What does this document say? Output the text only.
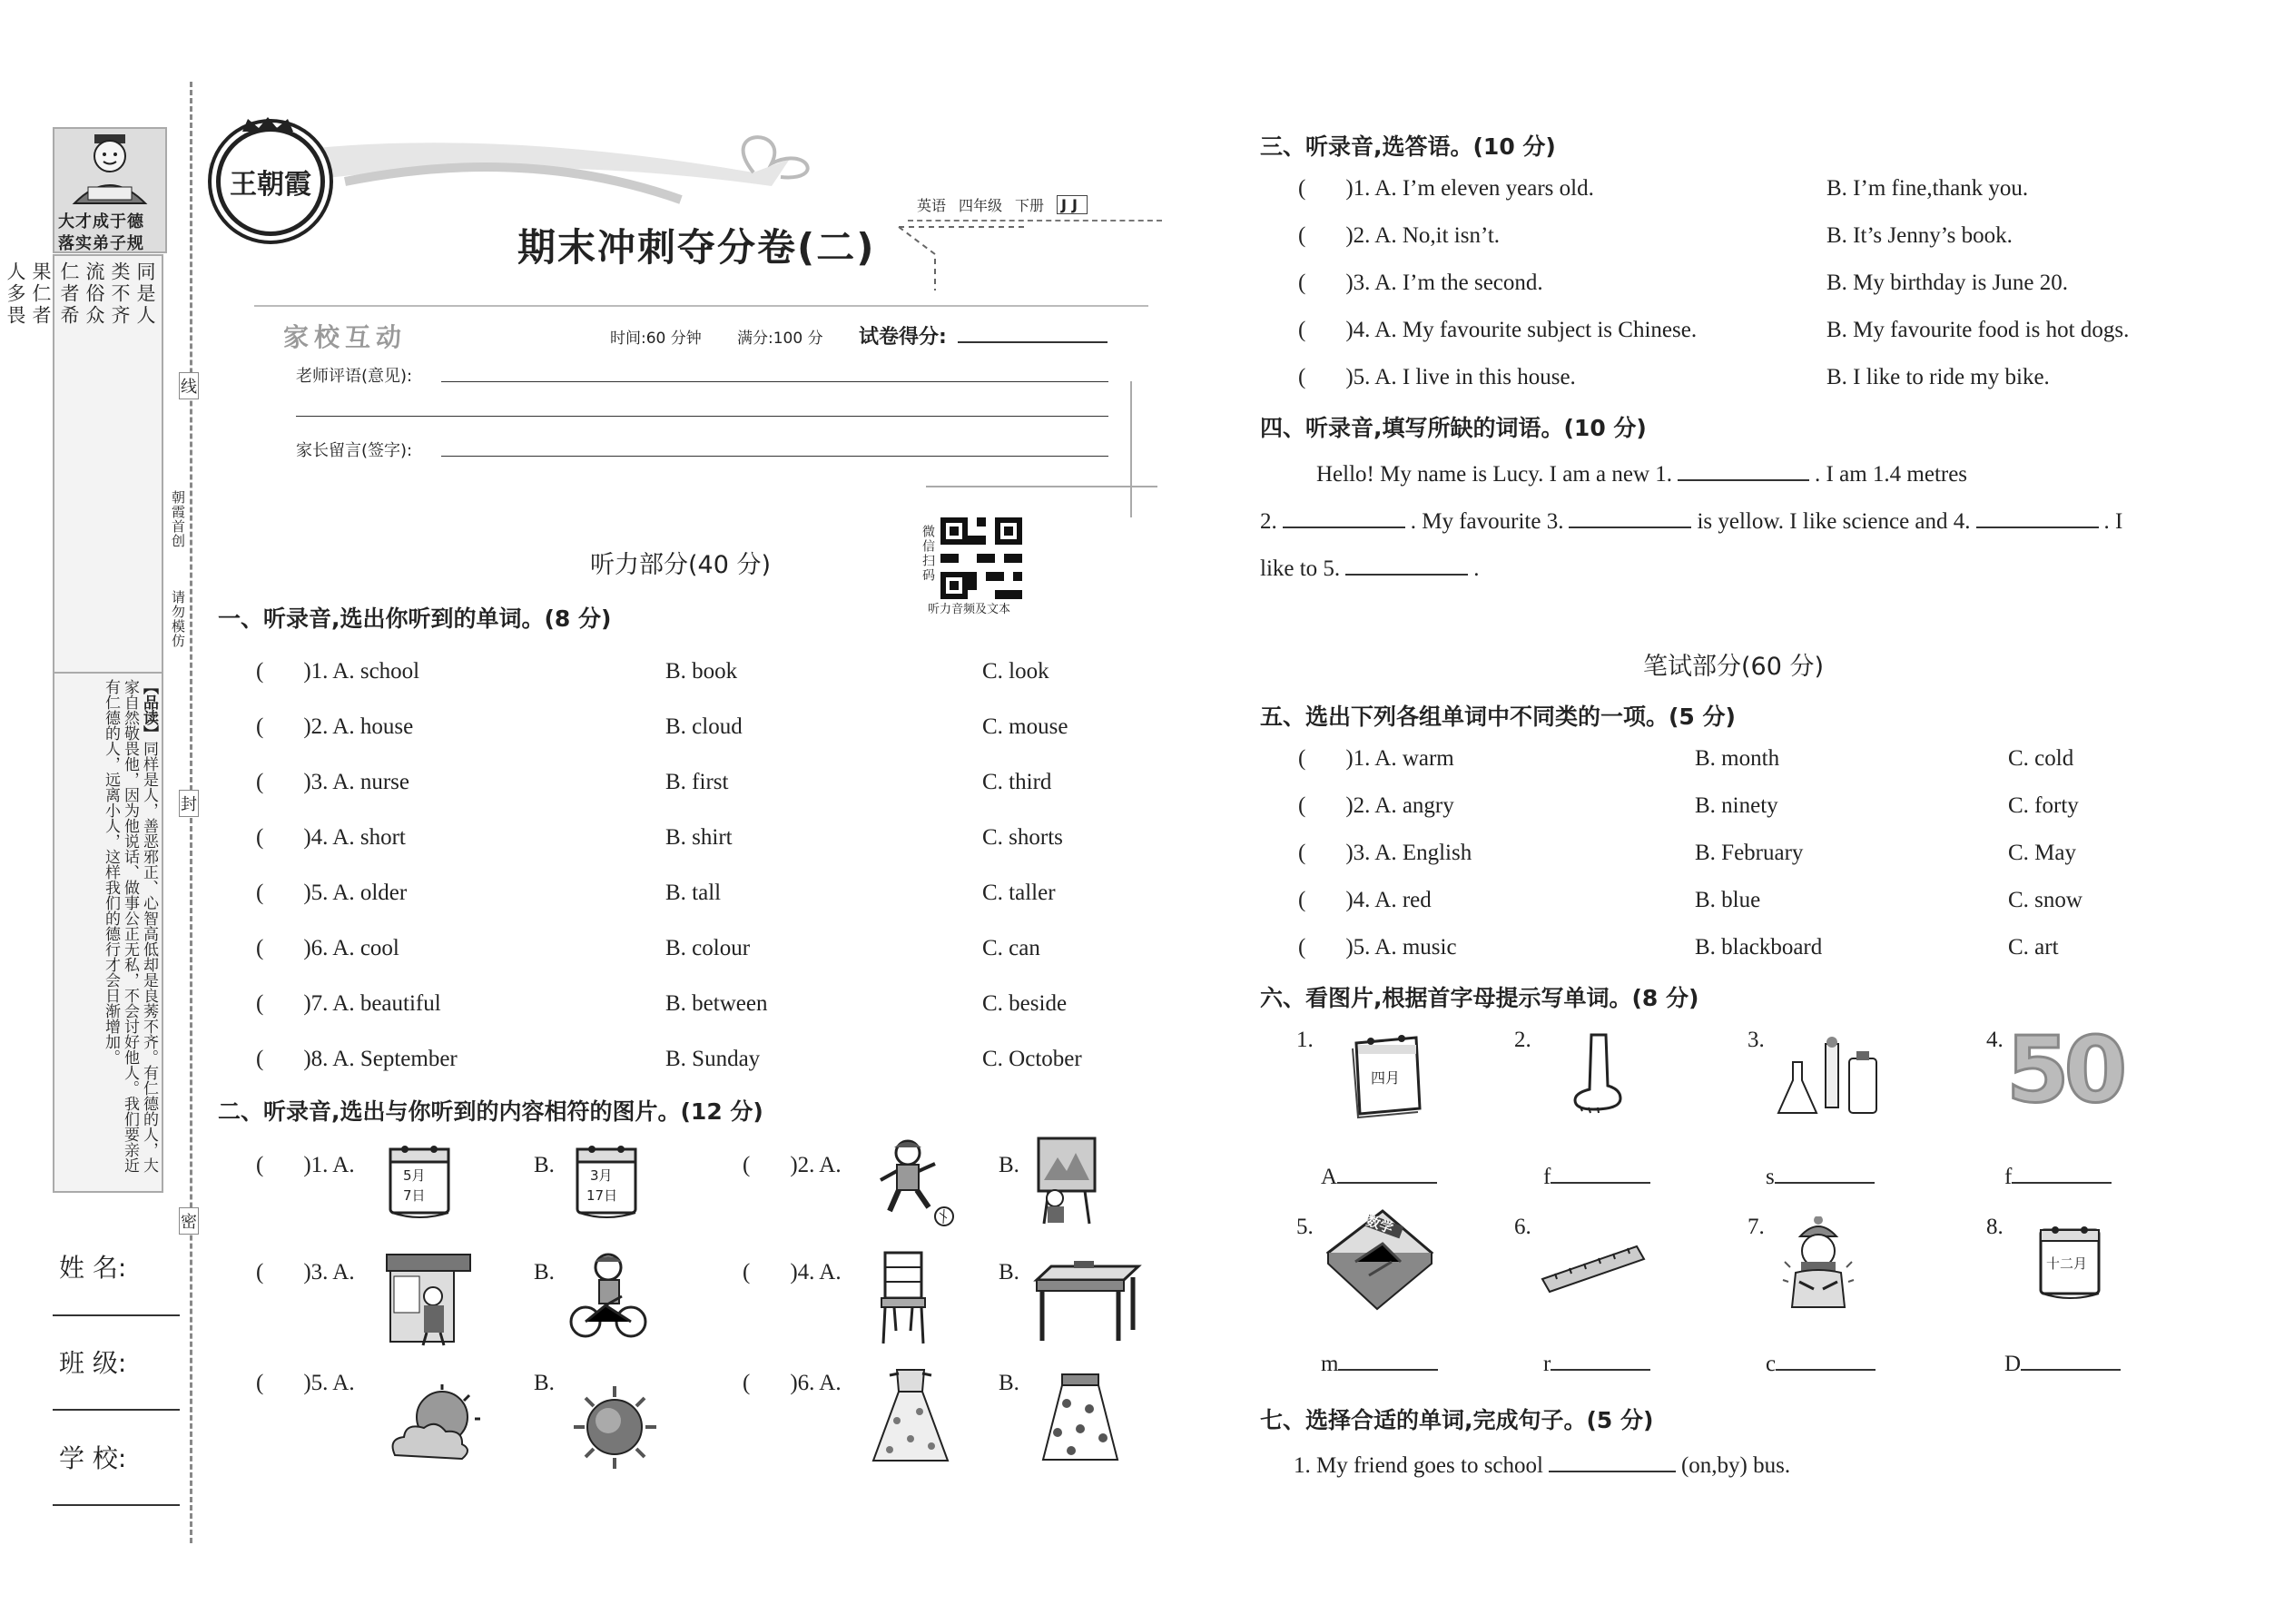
大才成于德
落实弟子规
同是人
类不齐
流俗众
仁者希
果仁者
人多畏

【品读】同样是人，善恶邪正、心智高低却是良莠不齐。有仁德的人，大家自然敬畏他，因为他说话、做事公正无私，不会讨好他人。我们要亲近有仁德的人，远离小人，这样我们的德行才会日渐增加。
姓 名:
班 级:
学 校:
线
封
密
朝霞首创
请勿模仿
王朝霞
期末冲刺夺分卷(二)
英语 四年级 下册	JJ
家校互动	时间:60 分钟 满分:100 分 试卷得分:
老师评语(意见):
家长留言(签字):
微信扫码
听力音频及文本
听力部分(40 分)
一、听录音,选出你听到的单词。(8 分)
( )1. A. school	B. book	C. look
( )2. A. house	B. cloud	C. mouse
( )3. A. nurse	B. first	C. third
( )4. A. short	B. shirt	C. shorts
( )5. A. older	B. tall	C. taller
( )6. A. cool	B. colour	C. can
( )7. A. beautiful	B. between	C. beside
( )8. A. September	B. Sunday	C. October
二、听录音,选出与你听到的内容相符的图片。(12 分)
( )1. A.	5月
7日
B.	3月
17日
( )2. A.	B.
( )3. A.	B.	( )4. A.	B.
( )5. A.	B.	( )6. A.	B.
三、听录音,选答语。(10 分)
( )1. A. I’m eleven years old.	B. I’m fine,thank you.
( )2. A. No,it isn’t.	B. It’s Jenny’s book.
( )3. A. I’m the second.	B. My birthday is June 20.
( )4. A. My favourite subject is Chinese.	B. My favourite food is hot dogs.
( )5. A. I live in this house.	B. I like to ride my bike.
四、听录音,填写所缺的词语。(10 分)
Hello! My name is Lucy. I am a new 1.	. I am 1.4 metres
2.	. My favourite 3.	is yellow. I like science and 4.	. I
like to 5.	.
笔试部分(60 分)
五、选出下列各组单词中不同类的一项。(5 分)
( )1. A. warm	B. month	C. cold
( )2. A. angry	B. ninety	C. forty
( )3. A. English	B. February	C. May
( )4. A. red	B. blue	C. snow
( )5. A. music	B. blackboard	C. art
六、看图片,根据首字母提示写单词。(8 分)
1.
四月
A
2.
f
3.
s
4. 50
f
5.	数学
m
6.
r
7.
c
8.
十二月
D
七、选择合适的单词,完成句子。(5 分)
1. My friend goes to school	(on,by) bus.
